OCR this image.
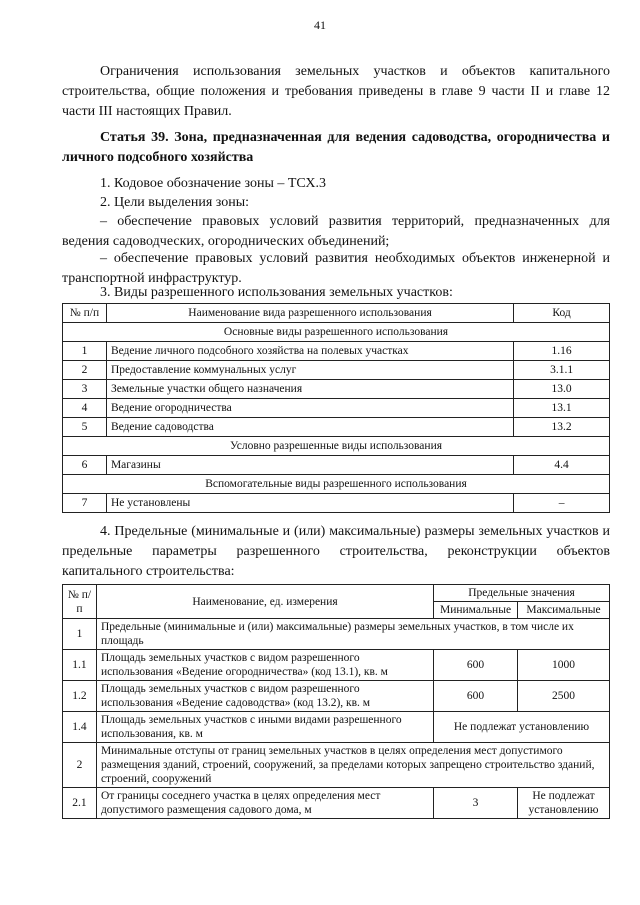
41
Ограничения использования земельных участков и объектов капитального строительства, общие положения и требования приведены в главе 9 части II и главе 12 части III настоящих Правил.
Статья 39. Зона, предназначенная для ведения садоводства, огородничества и личного подсобного хозяйства
1. Кодовое обозначение зоны – ТСХ.3
2. Цели выделения зоны:
– обеспечение правовых условий развития территорий, предназначенных для ведения садоводческих, огороднических объединений;
– обеспечение правовых условий развития необходимых объектов инженерной и транспортной инфраструктур.
3. Виды разрешенного использования земельных участков:
№ п/п	Наименование вида разрешенного использования	Код
Основные виды разрешенного использования		
1	Ведение личного подсобного хозяйства на полевых участках	1.16
2	Предоставление коммунальных услуг	3.1.1
3	Земельные участки общего назначения	13.0
4	Ведение огородничества	13.1
5	Ведение садоводства	13.2
Условно разрешенные виды использования		
6	Магазины	4.4
Вспомогательные виды разрешенного использования		
7	Не установлены	–
4. Предельные (минимальные и (или) максимальные) размеры земельных участков и предельные параметры разрешенного строительства, реконструкции объектов капитального строительства:
№ п/п	Наименование, ед. измерения	Предельные значения	
		Минимальные	Максимальные
1	Предельные (минимальные и (или) максимальные) размеры земельных участков, в том числе их площадь		
1.1	Площадь земельных участков с видом разрешенного использования «Ведение огородничества» (код 13.1), кв. м	600	1000
1.2	Площадь земельных участков с видом разрешенного использования «Ведение садоводства» (код 13.2), кв. м	600	2500
1.4	Площадь земельных участков с иными видами разрешенного использования, кв. м	Не подлежат установлению	
2	Минимальные отступы от границ земельных участков в целях определения мест допустимого размещения зданий, строений, сооружений, за пределами которых запрещено строительство зданий, строений, сооружений		
2.1	От границы соседнего участка в целях определения мест допустимого размещения садового дома, м	3	Не подлежат установлению
